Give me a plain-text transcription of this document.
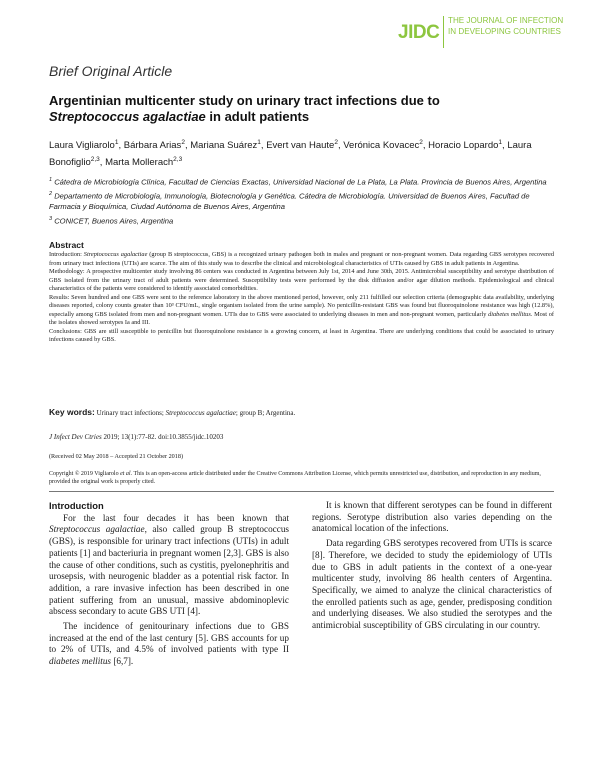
JIDC
THE JOURNAL OF INFECTION
IN DEVELOPING COUNTRIES
Brief Original Article
Argentinian multicenter study on urinary tract infections due to
Streptococcus agalactiae in adult patients
Laura Vigliarolo$^1$, Bárbara Arias$^2$, Mariana Suárez$^1$, Evert van Haute$^2$, Verónica Kovacec$^2$, Horacio Lopardo$^1$, Laura Bonofiglio$^{2,3}$, Marta Mollerach$^{2,3}$
$^1$ Cátedra de Microbiología Clínica, Facultad de Ciencias Exactas, Universidad Nacional de La Plata, La Plata. Provincia de Buenos Aires, Argentina
$^2$ Departamento de Microbiología, Inmunología, Biotecnología y Genética. Cátedra de Microbiología. Universidad de Buenos Aires, Facultad de Farmacia y Bioquímica, Ciudad Autónoma de Buenos Aires, Argentina
$^3$ CONICET, Buenos Aires, Argentina
Abstract

Introduction: Streptococcus agalactiae (group B streptococcus, GBS) is a recognized urinary pathogen both in males and pregnant or non-pregnant women. Data regarding GBS serotypes recovered from urinary tract infections (UTIs) are scarce. The aim of this study was to describe the clinical and microbiological characteristics of UTIs caused by GBS in adult patients in Argentina.

Methodology: A prospective multicenter study involving 86 centers was conducted in Argentina between July 1st, 2014 and June 30th, 2015. Antimicrobial susceptibility and serotype distribution of GBS isolated from the urinary tract of adult patients were determined. Susceptibility tests were performed by the disk diffusion and/or agar dilution methods. Epidemiological and clinical characteristics of the patients were considered to identify associated comorbidities.

Results: Seven hundred and one GBS were sent to the reference laboratory in the above mentioned period, however, only 211 fulfilled our selection criteria (demographic data availability, underlying diseases reported, colony counts greater than 10³ CFU/mL, single organism isolated from the urine sample). No penicillin-resistant GBS was found but fluoroquinolone resistance was high (12.8%), especially among GBS isolated from men and non-pregnant women. UTIs due to GBS were associated to underlying diseases in men and non-pregnant women, particularly diabetes mellitus. Most of the isolates showed serotypes Ia and III.

Conclusions: GBS are still susceptible to penicillin but fluoroquinolone resistance is a growing concern, at least in Argentina. There are underlying conditions that could be associated to urinary infections caused by GBS.

Key words: Urinary tract infections; Streptococcus agalactiae; group B; Argentina.
J Infect Dev Ctries 2019; 13(1):77-82. doi:10.3855/jidc.10203
(Received 02 May 2018 – Accepted 21 October 2018)
Copyright © 2019 Vigliarolo et al. This is an open-access article distributed under the Creative Commons Attribution License, which permits unrestricted use, distribution, and reproduction in any medium, provided the original work is properly cited.
Introduction

For the last four decades it has been known that Streptococcus agalactiae, also called group B streptococcus (GBS), is responsible for urinary tract infections (UTIs) in adult patients [1] and bacteriuria in pregnant women [2,3]. GBS is also the cause of other conditions, such as cystitis, pyelonephritis and urosepsis, with neurogenic bladder as a potential risk factor. In addition, a rare invasive infection has been described in one patient suffering from an unusual, massive abdominoplevic abscess secondary to acute GBS UTI [4].

The incidence of genitourinary infections due to GBS increased at the end of the last century [5]. GBS accounts for up to 2% of UTIs, and 4.5% of involved patients with type II diabetes mellitus [6,7].

It is known that different serotypes can be found in different regions. Serotype distribution also varies depending on the anatomical location of the infections.

Data regarding GBS serotypes recovered from UTIs is scarce [8]. Therefore, we decided to study the epidemiology of UTIs due to GBS in adult patients in the context of a one-year multicenter study, involving 86 health centers of Argentina. Specifically, we aimed to analyze the clinical characteristics of the enrolled patients such as age, gender, predisposing condition and underlying diseases. We also studied the serotypes and the antimicrobial susceptibility of GBS circulating in our country.
